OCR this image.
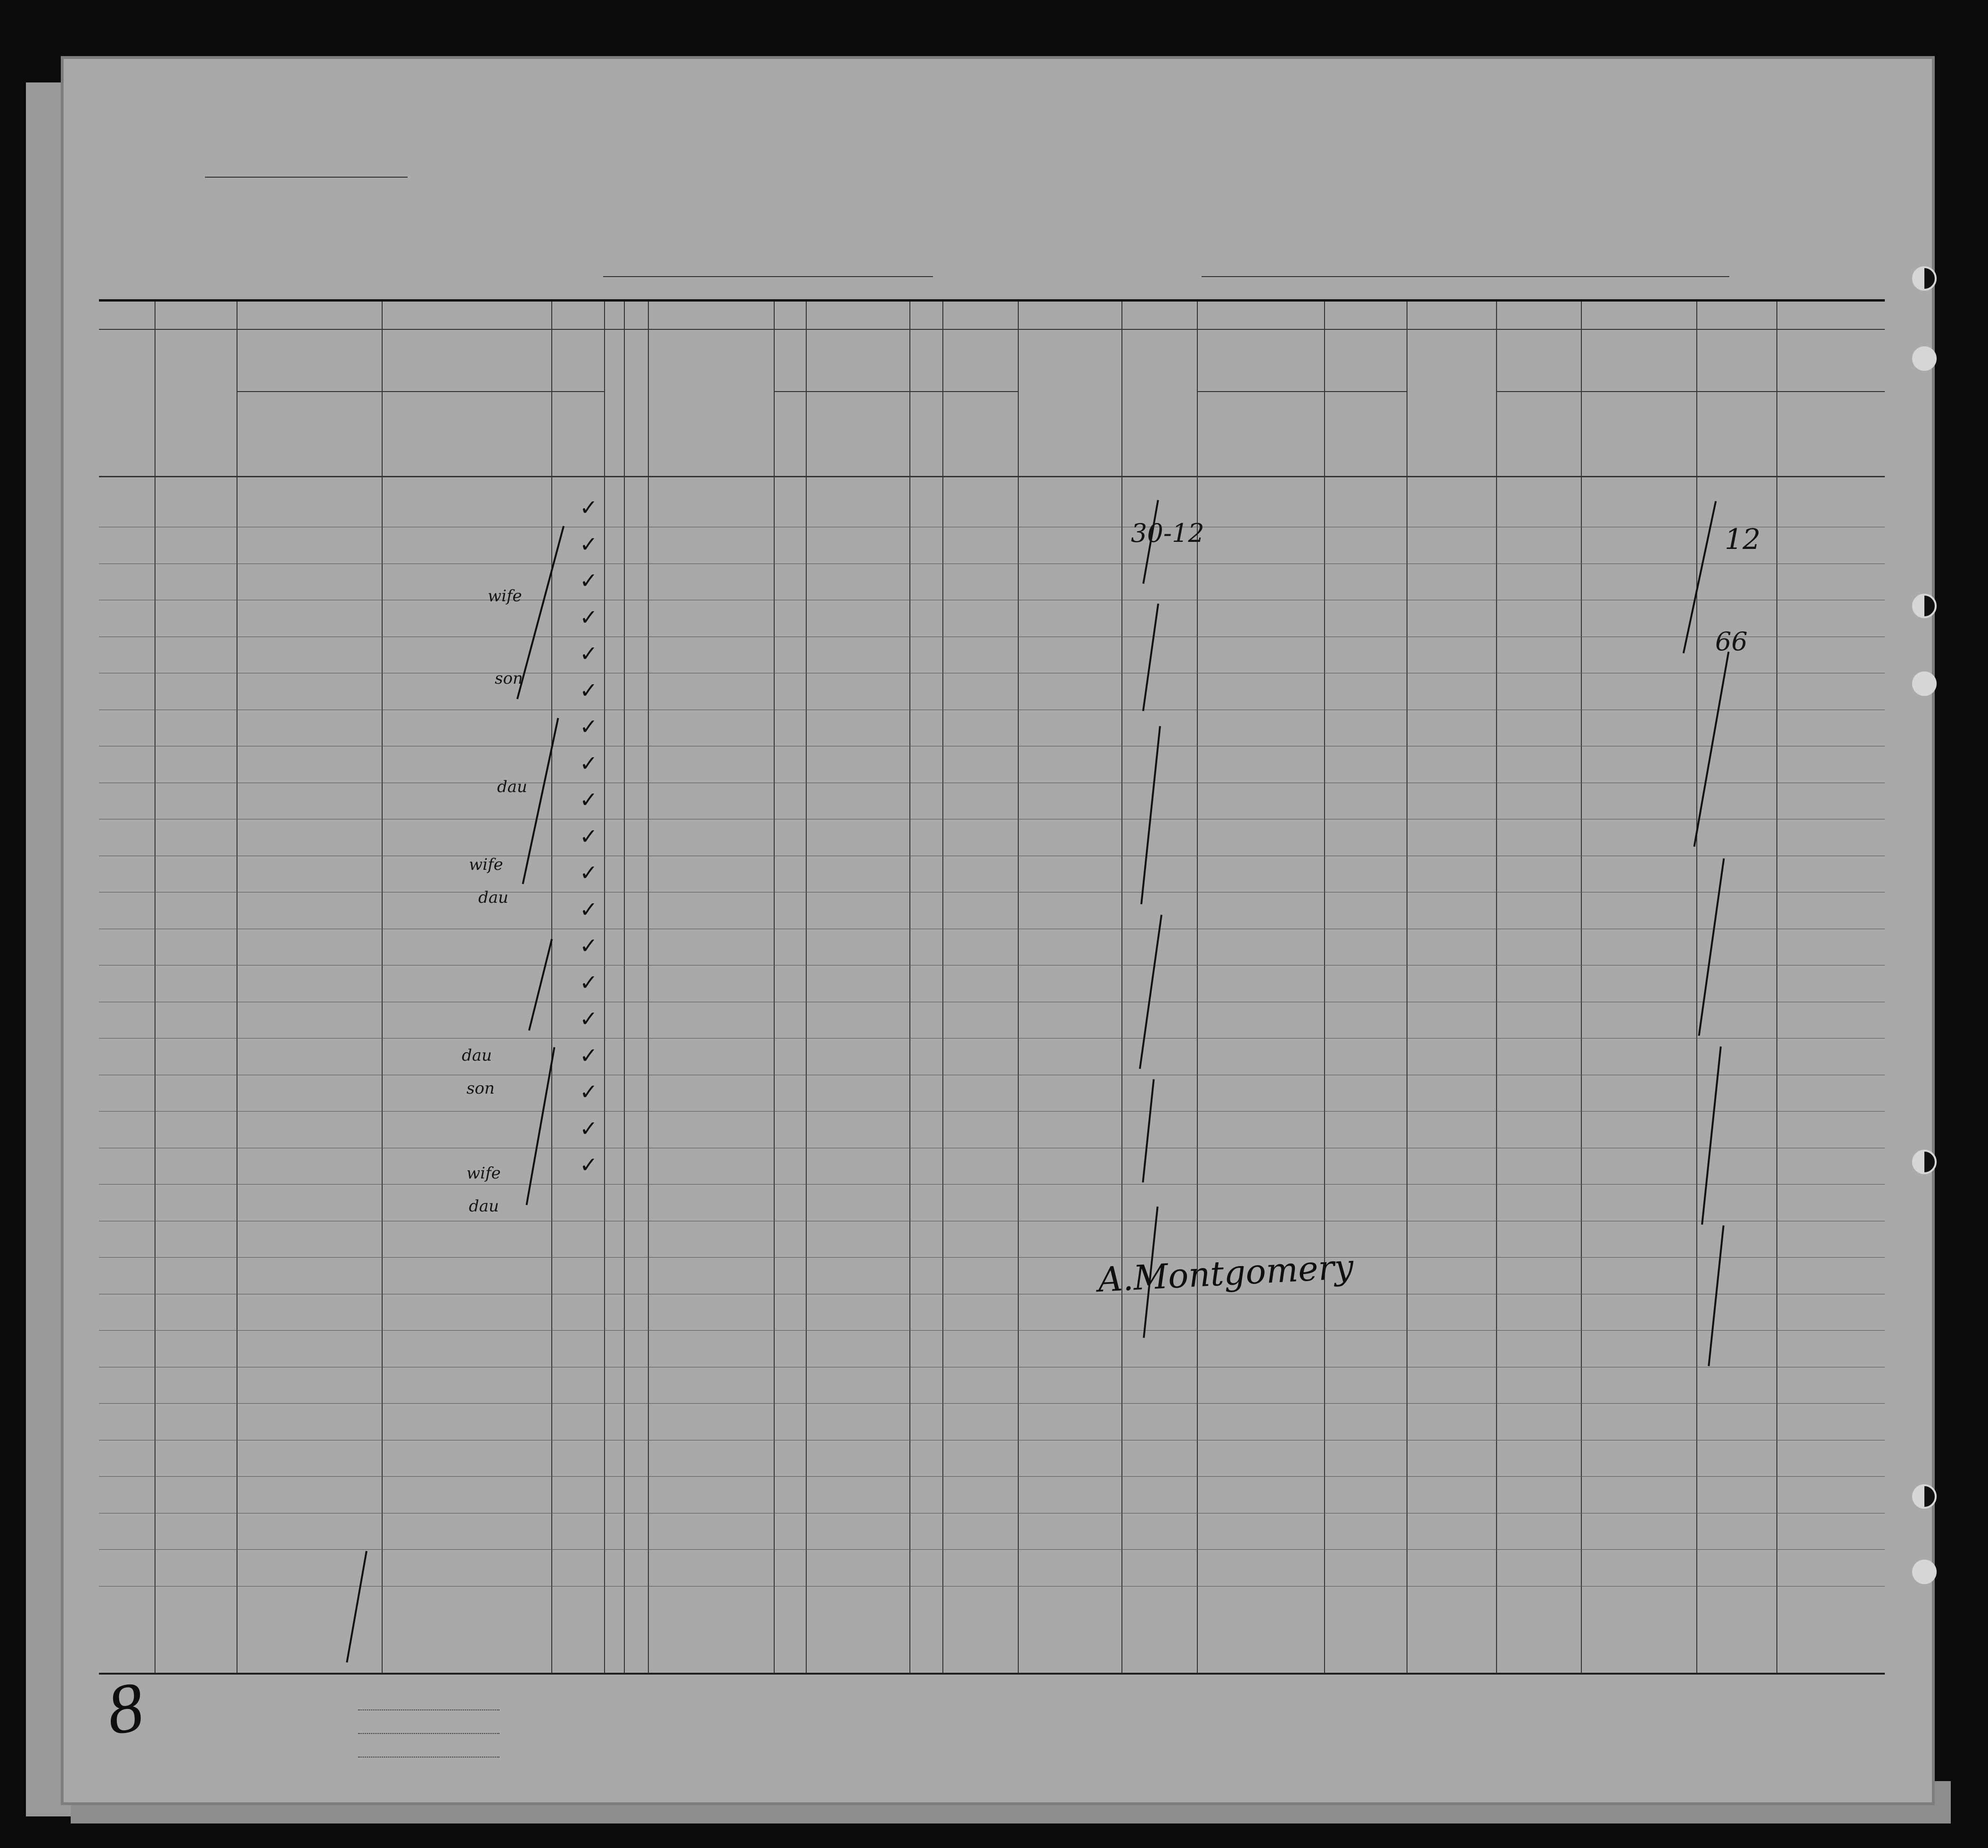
✓
✓
✓
✓
✓
✓
✓
✓
✓
✓
✓
✓
✓
✓
✓
✓
✓
✓
✓
A.Montgomery
8
wife
son
dau
wife
dau
dau
son
wife
dau
30-12	12
66
